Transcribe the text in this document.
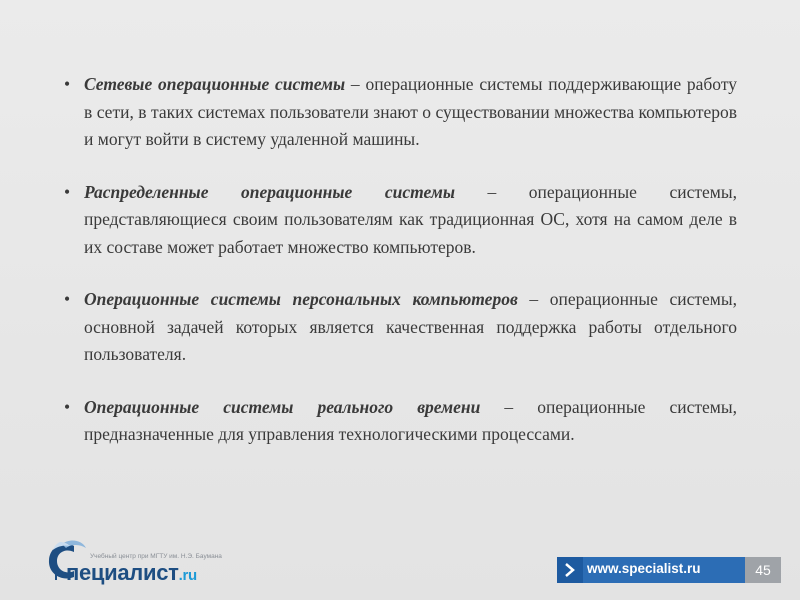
• Сетевые операционные системы – операционные системы поддерживающие работу в сети, в таких системах пользователи знают о существовании множества компьютеров и могут войти в систему удаленной машины.
• Распределенные операционные системы – операционные системы, представляющиеся своим пользователям как традиционная ОС, хотя на самом деле в их составе может работает множество компьютеров.
• Операционные системы персональных компьютеров – операционные системы, основной задачей которых является качественная поддержка работы отдельного пользователя.
• Операционные системы реального времени – операционные системы, предназначенные для управления технологическими процессами.
Учебный центр при МГТУ им. Н.Э. Баумана
пециалист.ru	www.specialist.ru	45
